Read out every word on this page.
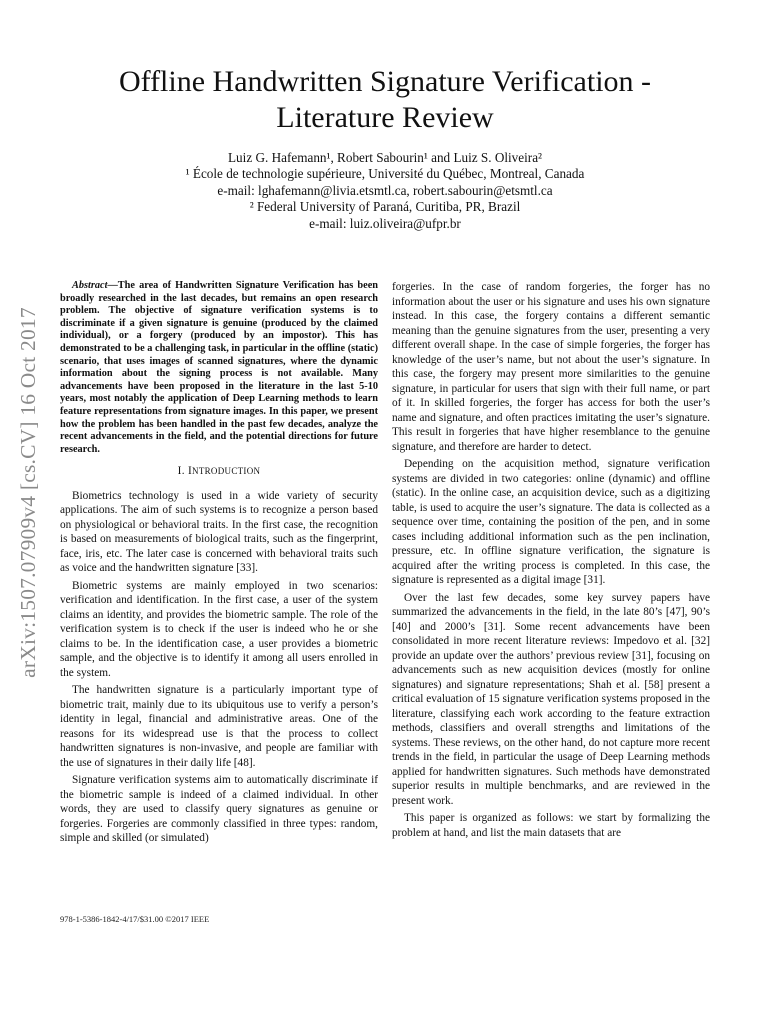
arXiv:1507.07909v4 [cs.CV] 16 Oct 2017
Offline Handwritten Signature Verification -
Literature Review
Luiz G. Hafemann¹, Robert Sabourin¹ and Luiz S. Oliveira²
¹ École de technologie supérieure, Université du Québec, Montreal, Canada
e-mail: lghafemann@livia.etsmtl.ca, robert.sabourin@etsmtl.ca
² Federal University of Paraná, Curitiba, PR, Brazil
e-mail: luiz.oliveira@ufpr.br

Abstract—The area of Handwritten Signature Verification has been broadly researched in the last decades, but remains an open research problem. The objective of signature verification systems is to discriminate if a given signature is genuine (produced by the claimed individual), or a forgery (produced by an impostor). This has demonstrated to be a challenging task, in particular in the offline (static) scenario, that uses images of scanned signatures, where the dynamic information about the signing process is not available. Many advancements have been proposed in the literature in the last 5-10 years, most notably the application of Deep Learning methods to learn feature representations from signature images. In this paper, we present how the problem has been handled in the past few decades, analyze the recent advancements in the field, and the potential directions for future research.

I. INTRODUCTION

Biometrics technology is used in a wide variety of security applications. The aim of such systems is to recognize a person based on physiological or behavioral traits. In the first case, the recognition is based on measurements of biological traits, such as the fingerprint, face, iris, etc. The later case is concerned with behavioral traits such as voice and the handwritten signature [33].

Biometric systems are mainly employed in two scenarios: verification and identification. In the first case, a user of the system claims an identity, and provides the biometric sample. The role of the verification system is to check if the user is indeed who he or she claims to be. In the identification case, a user provides a biometric sample, and the objective is to identify it among all users enrolled in the system.

The handwritten signature is a particularly important type of biometric trait, mainly due to its ubiquitous use to verify a person’s identity in legal, financial and administrative areas. One of the reasons for its widespread use is that the process to collect handwritten signatures is non-invasive, and people are familiar with the use of signatures in their daily life [48].

Signature verification systems aim to automatically discriminate if the biometric sample is indeed of a claimed individual. In other words, they are used to classify query signatures as genuine or forgeries. Forgeries are commonly classified in three types: random, simple and skilled (or simulated)

forgeries. In the case of random forgeries, the forger has no information about the user or his signature and uses his own signature instead. In this case, the forgery contains a different semantic meaning than the genuine signatures from the user, presenting a very different overall shape. In the case of simple forgeries, the forger has knowledge of the user’s name, but not about the user’s signature. In this case, the forgery may present more similarities to the genuine signature, in particular for users that sign with their full name, or part of it. In skilled forgeries, the forger has access for both the user’s name and signature, and often practices imitating the user’s signature. This result in forgeries that have higher resemblance to the genuine signature, and therefore are harder to detect.

Depending on the acquisition method, signature verification systems are divided in two categories: online (dynamic) and offline (static). In the online case, an acquisition device, such as a digitizing table, is used to acquire the user’s signature. The data is collected as a sequence over time, containing the position of the pen, and in some cases including additional information such as the pen inclination, pressure, etc. In offline signature verification, the signature is acquired after the writing process is completed. In this case, the signature is represented as a digital image [31].

Over the last few decades, some key survey papers have summarized the advancements in the field, in the late 80’s [47], 90’s [40] and 2000’s [31]. Some recent advancements have been consolidated in more recent literature reviews: Impedovo et al. [32] provide an update over the authors’ previous review [31], focusing on advancements such as new acquisition devices (mostly for online signatures) and signature representations; Shah et al. [58] present a critical evaluation of 15 signature verification systems proposed in the literature, classifying each work according to the feature extraction methods, classifiers and overall strengths and limitations of the systems. These reviews, on the other hand, do not capture more recent trends in the field, in particular the usage of Deep Learning methods applied for handwritten signatures. Such methods have demonstrated superior results in multiple benchmarks, and are reviewed in the present work.

This paper is organized as follows: we start by formalizing the problem at hand, and list the main datasets that are

978-1-5386-1842-4/17/$31.00 ©2017 IEEE
